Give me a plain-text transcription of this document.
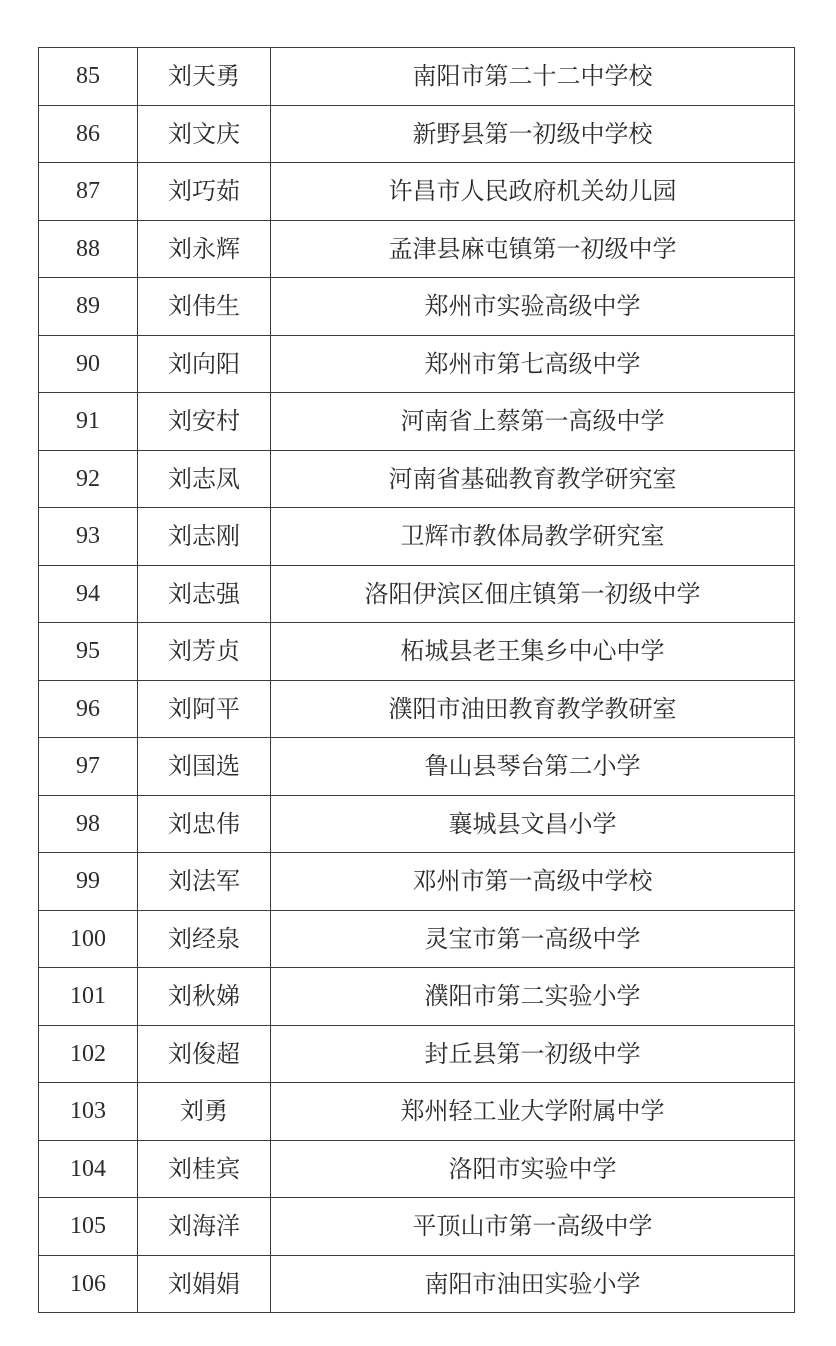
85	刘天勇	南阳市第二十二中学校
86	刘文庆	新野县第一初级中学校
87	刘巧茹	许昌市人民政府机关幼儿园
88	刘永辉	孟津县麻屯镇第一初级中学
89	刘伟生	郑州市实验高级中学
90	刘向阳	郑州市第七高级中学
91	刘安村	河南省上蔡第一高级中学
92	刘志凤	河南省基础教育教学研究室
93	刘志刚	卫辉市教体局教学研究室
94	刘志强	洛阳伊滨区佃庄镇第一初级中学
95	刘芳贞	柘城县老王集乡中心中学
96	刘阿平	濮阳市油田教育教学教研室
97	刘国选	鲁山县琴台第二小学
98	刘忠伟	襄城县文昌小学
99	刘法军	邓州市第一高级中学校
100	刘经泉	灵宝市第一高级中学
101	刘秋娣	濮阳市第二实验小学
102	刘俊超	封丘县第一初级中学
103	刘勇	郑州轻工业大学附属中学
104	刘桂宾	洛阳市实验中学
105	刘海洋	平顶山市第一高级中学
106	刘娟娟	南阳市油田实验小学
